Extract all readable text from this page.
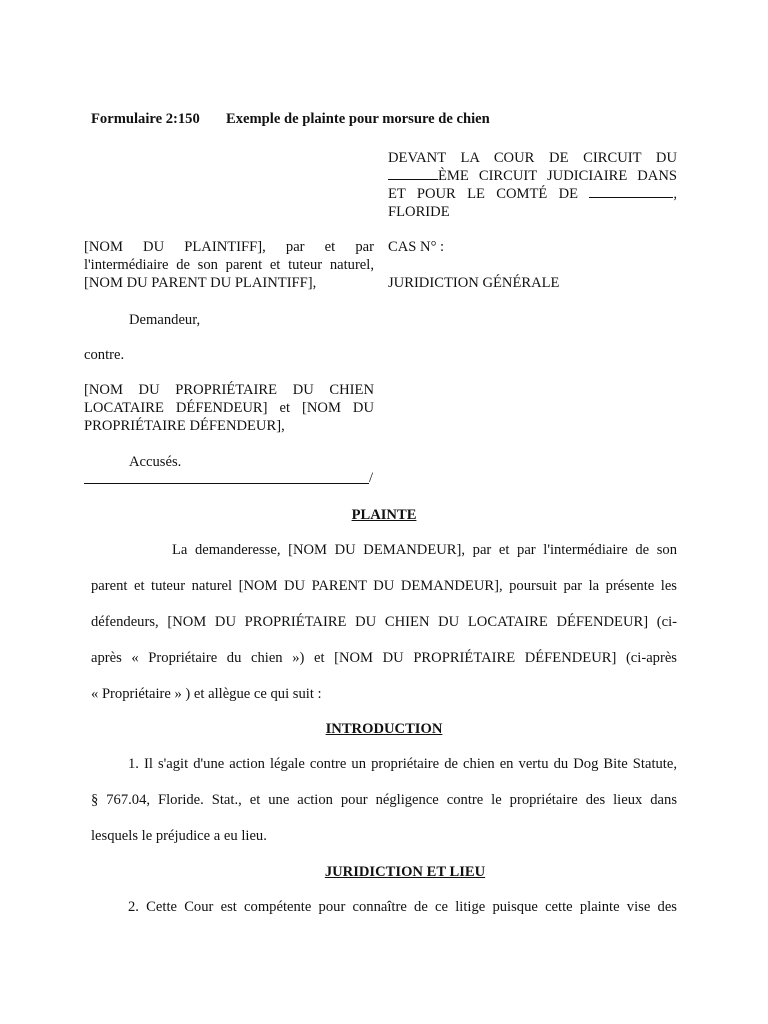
Formulaire 2:150 Exemple de plainte pour morsure de chien
DEVANT LA COUR DE CIRCUIT DU
ÈME CIRCUIT JUDICIAIRE DANS
ET POUR LE COMTÉ DE	,
FLORIDE
[NOM DU PLAINTIFF], par et par
l'intermédiaire de son parent et tuteur naturel,
[NOM DU PARENT DU PLAINTIFF],
CAS N° :
JURIDICTION GÉNÉRALE
Demandeur,
contre.
[NOM DU PROPRIÉTAIRE DU CHIEN
LOCATAIRE DÉFENDEUR] et [NOM DU
PROPRIÉTAIRE DÉFENDEUR],
Accusés.
/
PLAINTE
La demanderesse, [NOM DU DEMANDEUR], par et par l'intermédiaire de son
parent et tuteur naturel [NOM DU PARENT DU DEMANDEUR], poursuit par la présente les
défendeurs, [NOM DU PROPRIÉTAIRE DU CHIEN DU LOCATAIRE DÉFENDEUR] (ci-
après « Propriétaire du chien ») et [NOM DU PROPRIÉTAIRE DÉFENDEUR] (ci-après
« Propriétaire » ) et allègue ce qui suit :
INTRODUCTION
1. Il s'agit d'une action légale contre un propriétaire de chien en vertu du Dog Bite Statute,
§ 767.04, Floride. Stat., et une action pour négligence contre le propriétaire des lieux dans
lesquels le préjudice a eu lieu.
JURIDICTION ET LIEU
2. Cette Cour est compétente pour connaître de ce litige puisque cette plainte vise des
